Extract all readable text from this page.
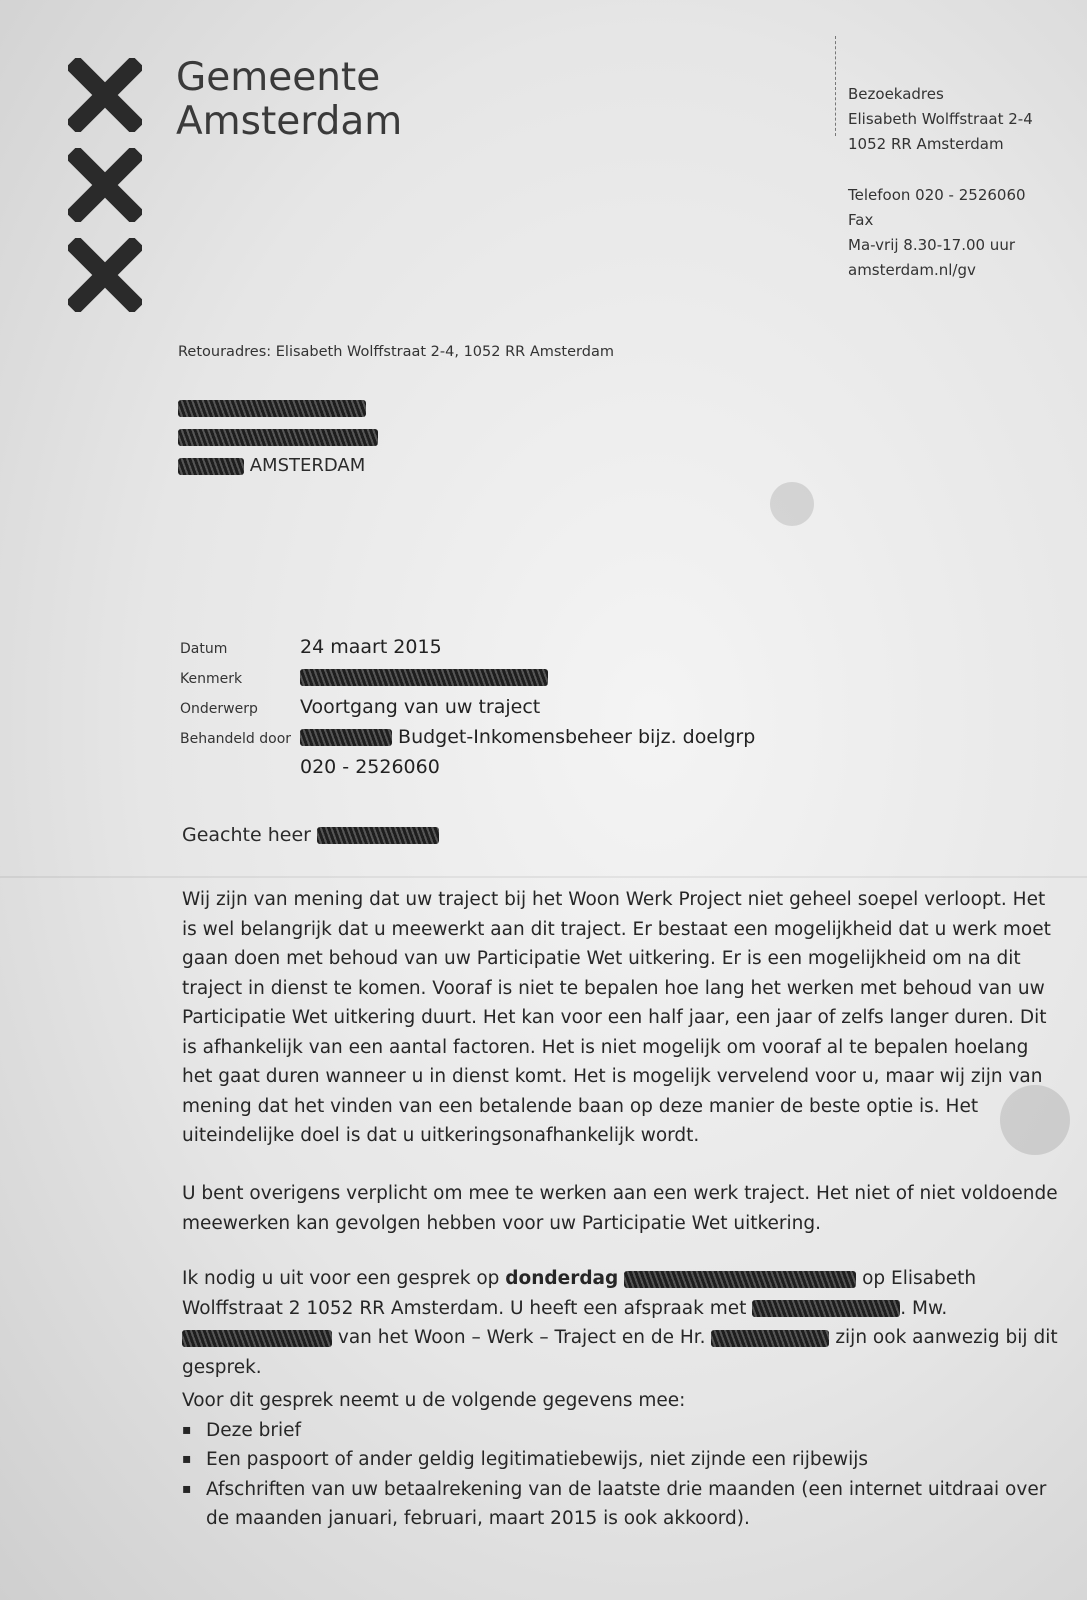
Gemeente
Amsterdam
Bezoekadres
Elisabeth Wolffstraat 2-4
1052 RR Amsterdam
Telefoon 020 - 2526060
Fax
Ma-vrij 8.30-17.00 uur
amsterdam.nl/gv
Retouradres: Elisabeth Wolffstraat 2-4, 1052 RR Amsterdam
AMSTERDAM
Datum	24 maart 2015
Kenmerk
Onderwerp	Voortgang van uw traject
Behandeld door	Budget-Inkomensbeheer bijz. doelgrp
020 - 2526060
Geachte heer
Wij zijn van mening dat uw traject bij het Woon Werk Project niet geheel soepel verloopt. Het is wel belangrijk dat u meewerkt aan dit traject. Er bestaat een mogelijkheid dat u werk moet gaan doen met behoud van uw Participatie Wet uitkering. Er is een mogelijkheid om na dit traject in dienst te komen. Vooraf is niet te bepalen hoe lang het werken met behoud van uw Participatie Wet uitkering duurt. Het kan voor een half jaar, een jaar of zelfs langer duren. Dit is afhankelijk van een aantal factoren. Het is niet mogelijk om vooraf al te bepalen hoelang het gaat duren wanneer u in dienst komt. Het is mogelijk vervelend voor u, maar wij zijn van mening dat het vinden van een betalende baan op deze manier de beste optie is. Het uiteindelijke doel is dat u uitkeringsonafhankelijk wordt.
U bent overigens verplicht om mee te werken aan een werk traject. Het niet of niet voldoende meewerken kan gevolgen hebben voor uw Participatie Wet uitkering.
Ik nodig u uit voor een gesprek op donderdag	op Elisabeth Wolffstraat 2 1052 RR Amsterdam. U heeft een afspraak met	. Mw.  van het Woon – Werk – Traject en de Hr.	zijn ook aanwezig bij dit gesprek.
Voor dit gesprek neemt u de volgende gegevens mee:
▪ Deze brief
▪ Een paspoort of ander geldig legitimatiebewijs, niet zijnde een rijbewijs
▪ Afschriften van uw betaalrekening van de laatste drie maanden (een internet uitdraai over de maanden januari, februari, maart 2015 is ook akkoord).
